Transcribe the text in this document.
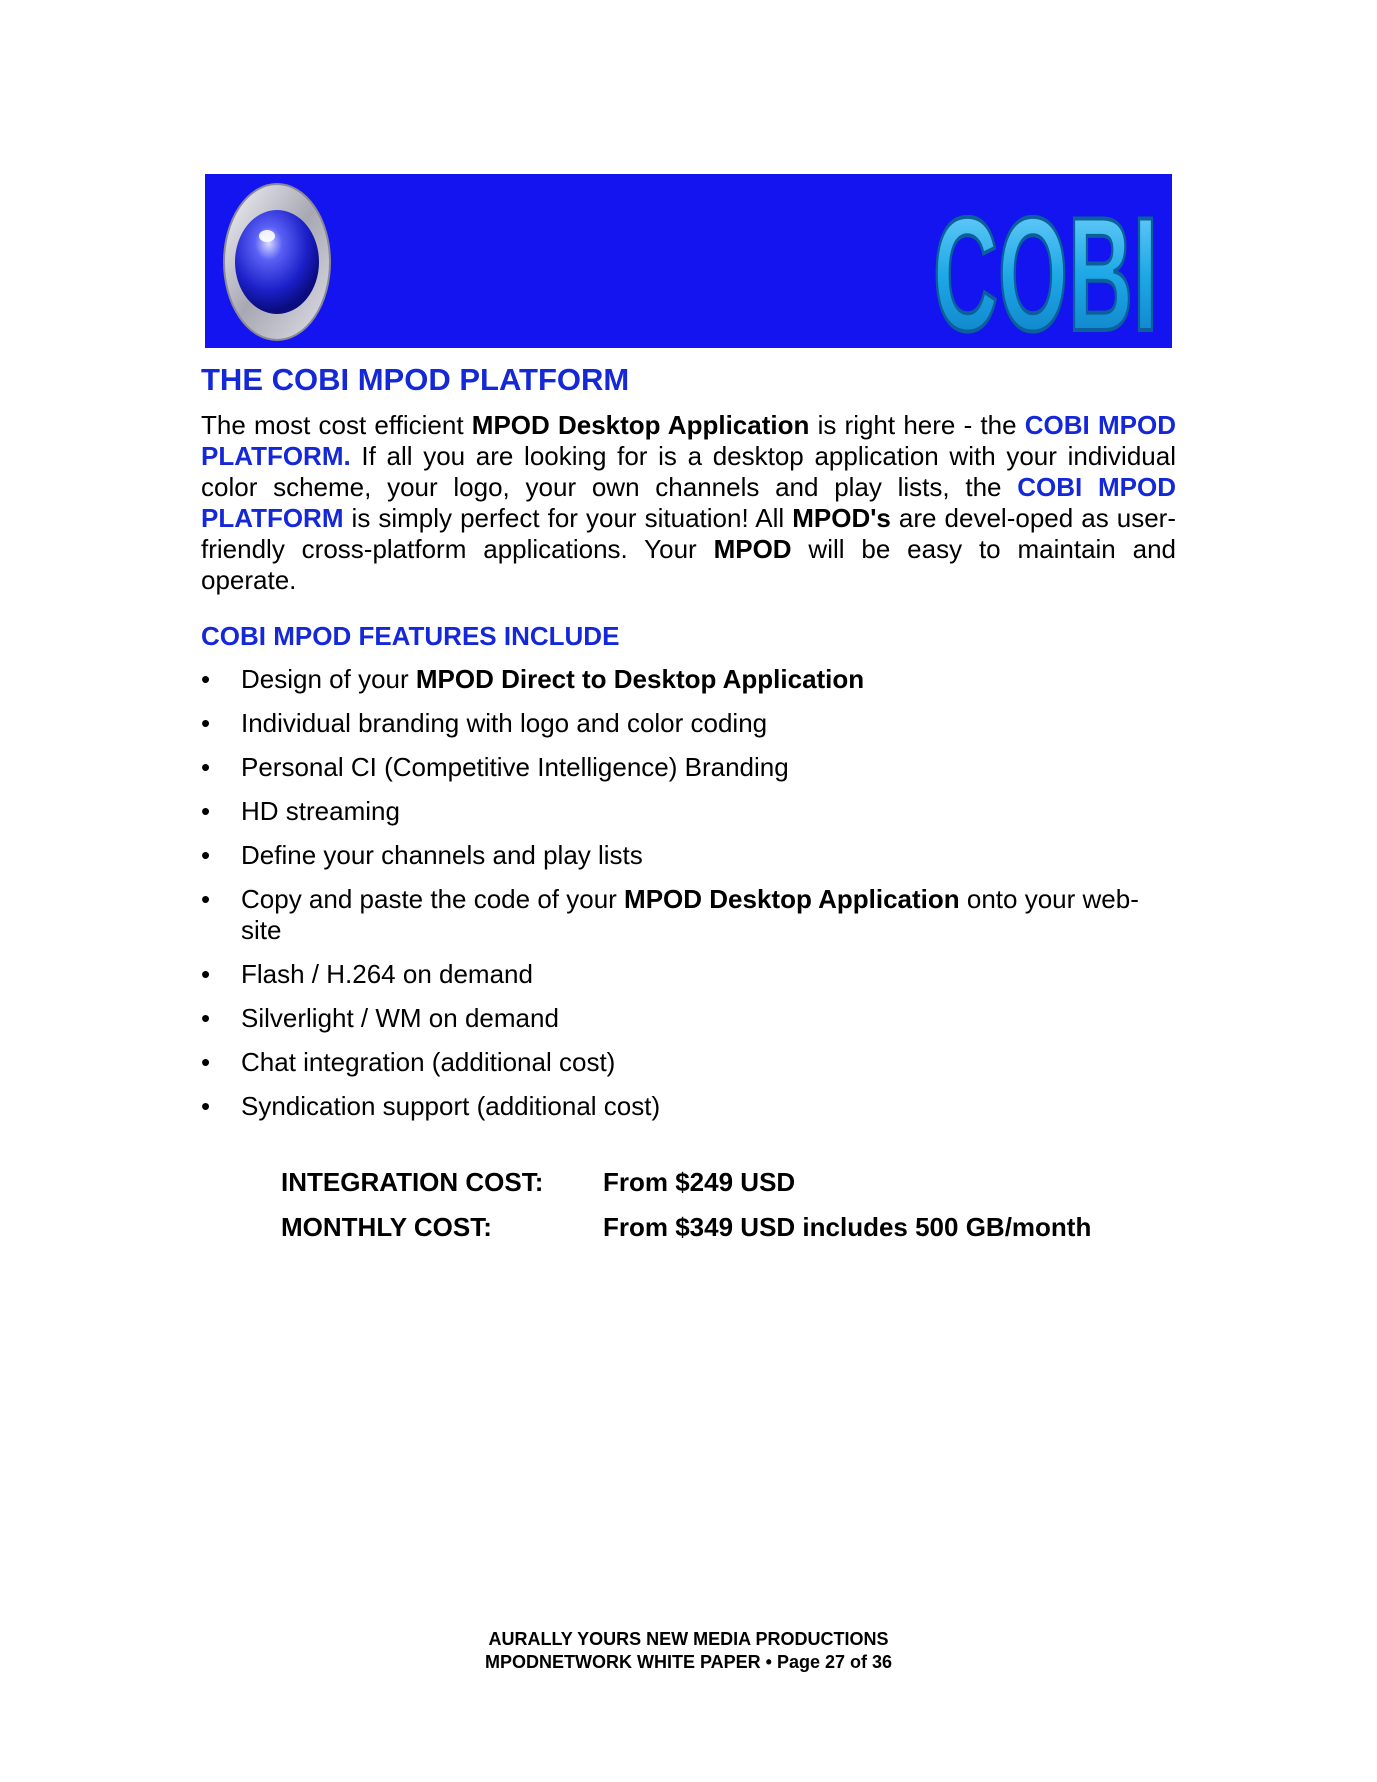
COBI
THE COBI MPOD PLATFORM

The most cost efficient MPOD Desktop Application is right here - the COBI MPOD PLATFORM. If all you are looking for is a desktop application with your individual color scheme, your logo, your own channels and play lists, the COBI MPOD PLATFORM is simply perfect for your situation! All MPOD's are devel-oped as user-friendly cross-platform applications. Your MPOD will be easy to maintain and operate.

COBI MPOD FEATURES INCLUDE
• Design of your MPOD Direct to Desktop Application
• Individual branding with logo and color coding
• Personal CI (Competitive Intelligence) Branding
• HD streaming
• Define your channels and play lists
• Copy and paste the code of your MPOD Desktop Application onto your web-site
• Flash / H.264 on demand
• Silverlight / WM on demand
• Chat integration (additional cost)
• Syndication support (additional cost)
INTEGRATION COST: From $249 USD
MONTHLY COST:	From $349 USD includes 500 GB/month
AURALLY YOURS NEW MEDIA PRODUCTIONS
MPODNETWORK WHITE PAPER • Page 27 of 36
